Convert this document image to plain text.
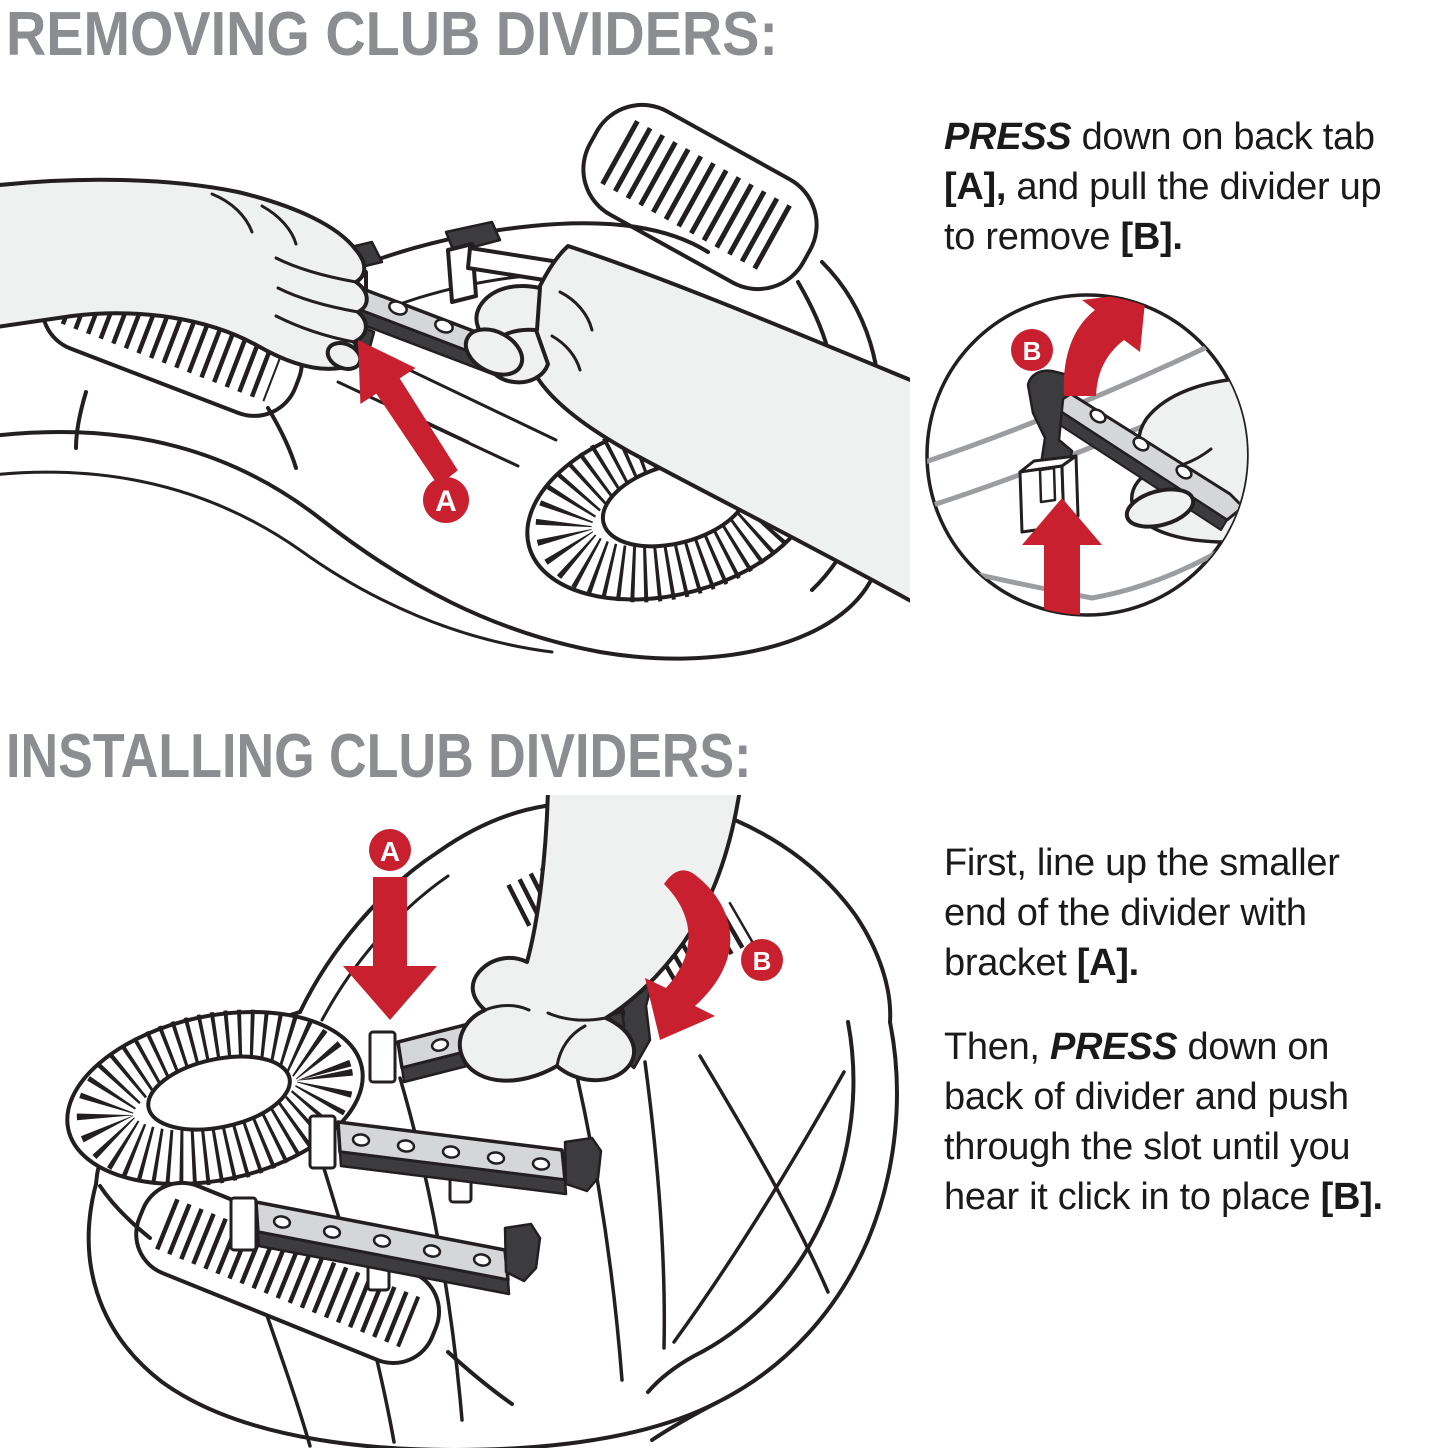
REMOVING CLUB DIVIDERS:
A
PRESS down on back tab
[A], and pull the divider up
to remove [B].
B
INSTALLING CLUB DIVIDERS:
A
B
First, line up the smaller
end of the divider with
bracket [A].
Then, PRESS down on
back of divider and push
through the slot until you
hear it click in to place [B].
